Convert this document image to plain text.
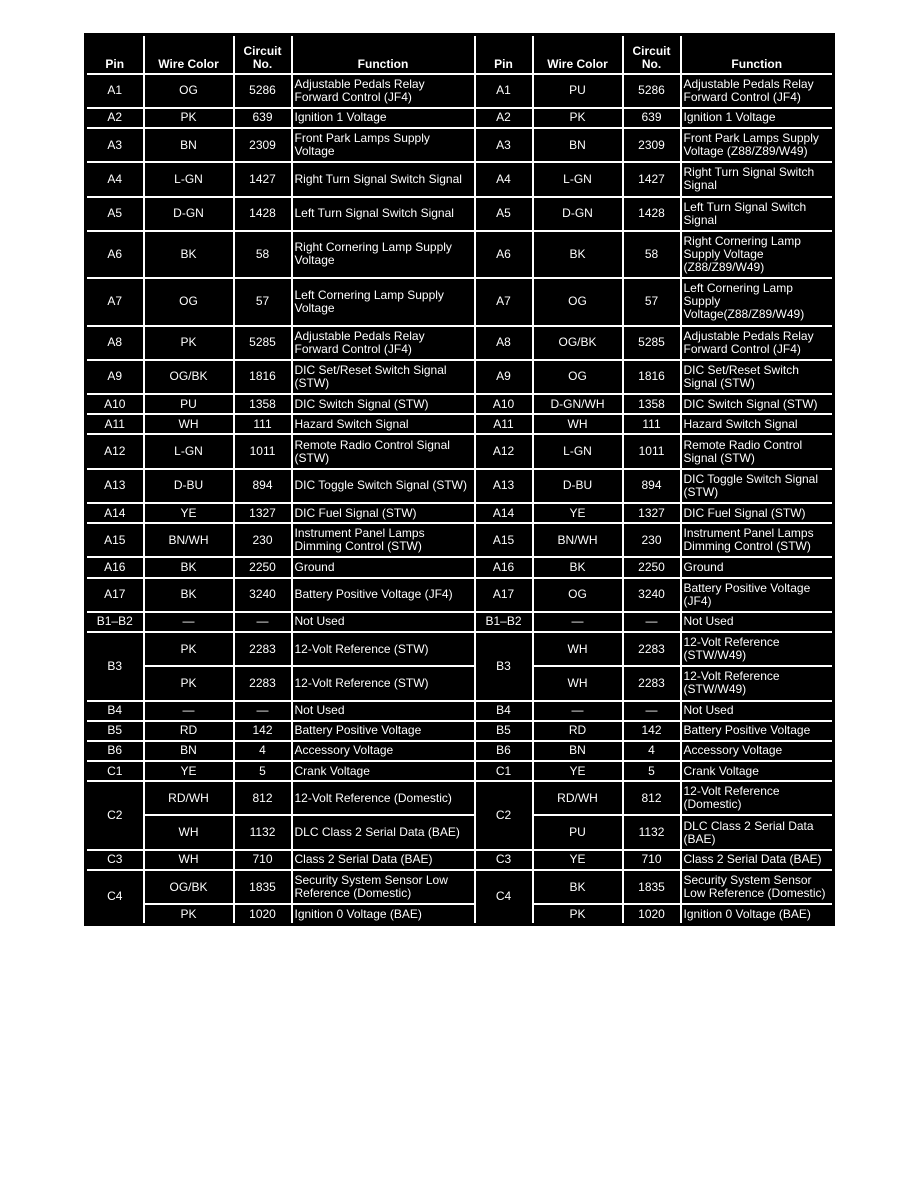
Pin	Wire Color	Circuit No.	Function	Pin	Wire Color	Circuit No.	Function
A1	OG	5286	Adjustable Pedals Relay Forward Control (JF4)	A1	PU	5286	Adjustable Pedals Relay Forward Control (JF4)
A2	PK	639	Ignition 1 Voltage	A2	PK	639	Ignition 1 Voltage
A3	BN	2309	Front Park Lamps Supply Voltage	A3	BN	2309	Front Park Lamps Supply Voltage (Z88/Z89/W49)
A4	L-GN	1427	Right Turn Signal Switch Signal	A4	L-GN	1427	Right Turn Signal Switch Signal
A5	D-GN	1428	Left Turn Signal Switch Signal	A5	D-GN	1428	Left Turn Signal Switch Signal
A6	BK	58	Right Cornering Lamp Supply Voltage	A6	BK	58	Right Cornering Lamp Supply Voltage (Z88/Z89/W49)
A7	OG	57	Left Cornering Lamp Supply Voltage	A7	OG	57	Left Cornering Lamp Supply Voltage(Z88/Z89/W49)
A8	PK	5285	Adjustable Pedals Relay Forward Control (JF4)	A8	OG/BK	5285	Adjustable Pedals Relay Forward Control (JF4)
A9	OG/BK	1816	DIC Set/Reset Switch Signal (STW)	A9	OG	1816	DIC Set/Reset Switch Signal (STW)
A10	PU	1358	DIC Switch Signal (STW)	A10	D-GN/WH	1358	DIC Switch Signal (STW)
A11	WH	111	Hazard Switch Signal	A11	WH	111	Hazard Switch Signal
A12	L-GN	1011	Remote Radio Control Signal (STW)	A12	L-GN	1011	Remote Radio Control Signal (STW)
A13	D-BU	894	DIC Toggle Switch Signal (STW)	A13	D-BU	894	DIC Toggle Switch Signal (STW)
A14	YE	1327	DIC Fuel Signal (STW)	A14	YE	1327	DIC Fuel Signal (STW)
A15	BN/WH	230	Instrument Panel Lamps Dimming Control (STW)	A15	BN/WH	230	Instrument Panel Lamps Dimming Control (STW)
A16	BK	2250	Ground	A16	BK	2250	Ground
A17	BK	3240	Battery Positive Voltage (JF4)	A17	OG	3240	Battery Positive Voltage (JF4)
B1–B2	—	—	Not Used	B1–B2	—	—	Not Used
B3	PK	2283	12-Volt Reference (STW)	B3	WH	2283	12-Volt Reference (STW/W49)
	PK	2283	12-Volt Reference (STW)		WH	2283	12-Volt Reference (STW/W49)
B4	—	—	Not Used	B4	—	—	Not Used
B5	RD	142	Battery Positive Voltage	B5	RD	142	Battery Positive Voltage
B6	BN	4	Accessory Voltage	B6	BN	4	Accessory Voltage
C1	YE	5	Crank Voltage	C1	YE	5	Crank Voltage
C2	RD/WH	812	12-Volt Reference (Domestic)	C2	RD/WH	812	12-Volt Reference (Domestic)
	WH	1132	DLC Class 2 Serial Data (BAE)		PU	1132	DLC Class 2 Serial Data (BAE)
C3	WH	710	Class 2 Serial Data (BAE)	C3	YE	710	Class 2 Serial Data (BAE)
C4	OG/BK	1835	Security System Sensor Low Reference (Domestic)	C4	BK	1835	Security System Sensor Low Reference (Domestic)
	PK	1020	Ignition 0 Voltage (BAE)		PK	1020	Ignition 0 Voltage (BAE)
